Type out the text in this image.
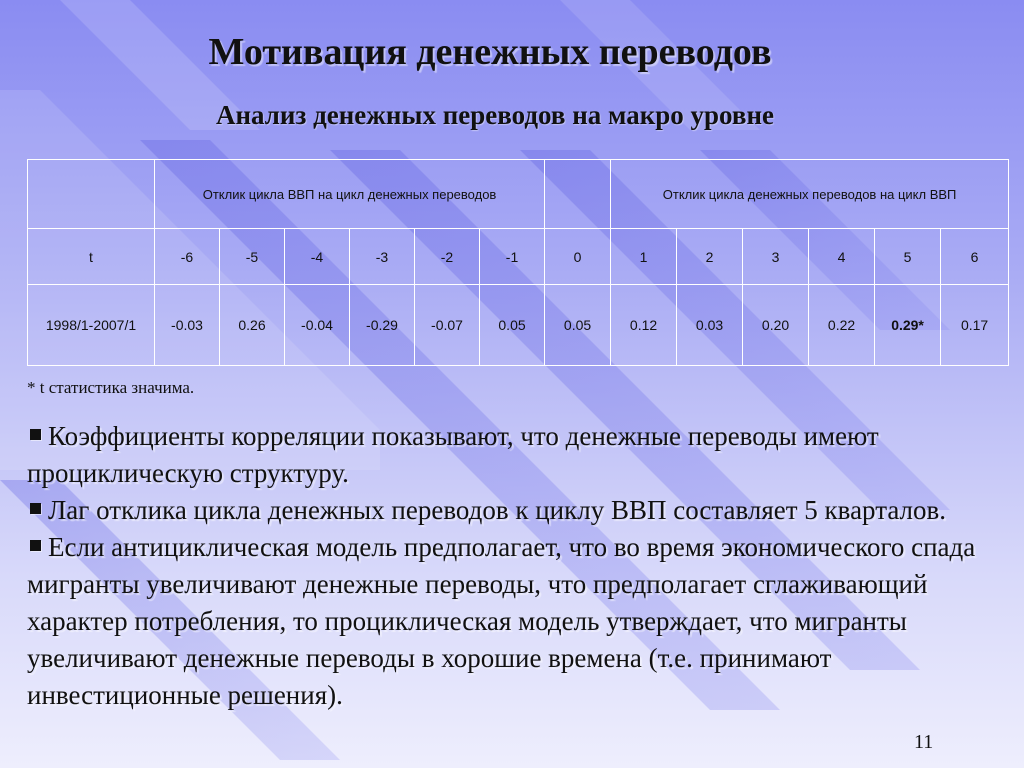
Мотивация денежных переводов
Анализ денежных переводов на макро уровне
	Отклик цикла ВВП на цикл денежных переводов							Отклик цикла денежных переводов на цикл ВВП					
t	-6	-5	-4	-3	-2	-1	0	1	2	3	4	5	6
1998/1-2007/1	-0.03	0.26	-0.04	-0.29	-0.07	0.05	0.05	0.12	0.03	0.20	0.22	0.29*	0.17
* t статистика значима.

Коэффициенты корреляции показывают, что денежные переводы имеют проциклическую структуру.

Лаг отклика цикла денежных переводов к циклу ВВП составляет 5 кварталов.

Если антициклическая модель предполагает, что во время экономического спада мигранты увеличивают денежные переводы, что предполагает сглаживающий характер потребления, то проциклическая модель утверждает, что мигранты увеличивают денежные переводы в хорошие времена (т.е. принимают инвестиционные решения).

11
